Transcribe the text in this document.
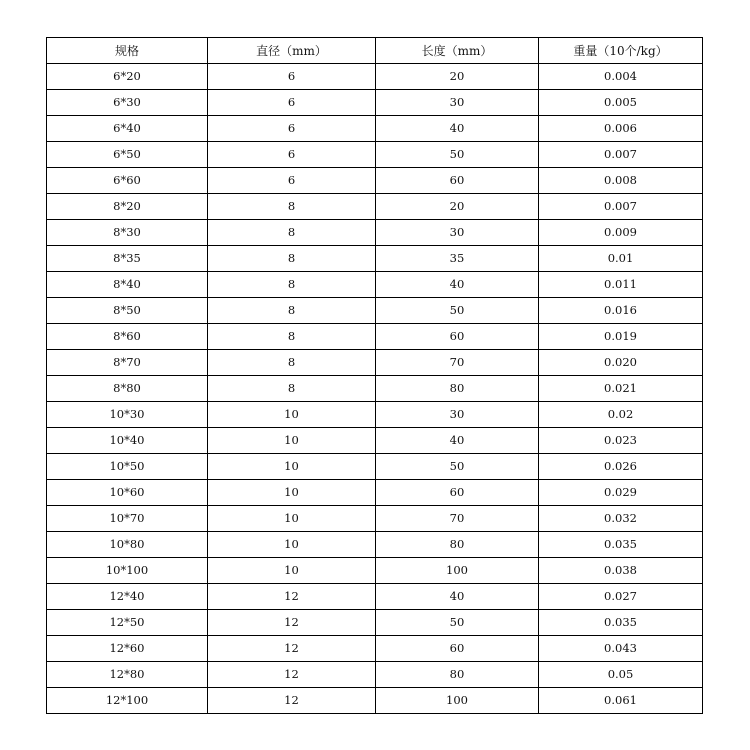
规格	直径（mm）	长度（mm）	重量（10个/kg）
6*20	6	20	0.004
6*30	6	30	0.005
6*40	6	40	0.006
6*50	6	50	0.007
6*60	6	60	0.008
8*20	8	20	0.007
8*30	8	30	0.009
8*35	8	35	0.01
8*40	8	40	0.011
8*50	8	50	0.016
8*60	8	60	0.019
8*70	8	70	0.020
8*80	8	80	0.021
10*30	10	30	0.02
10*40	10	40	0.023
10*50	10	50	0.026
10*60	10	60	0.029
10*70	10	70	0.032
10*80	10	80	0.035
10*100	10	100	0.038
12*40	12	40	0.027
12*50	12	50	0.035
12*60	12	60	0.043
12*80	12	80	0.05
12*100	12	100	0.061
